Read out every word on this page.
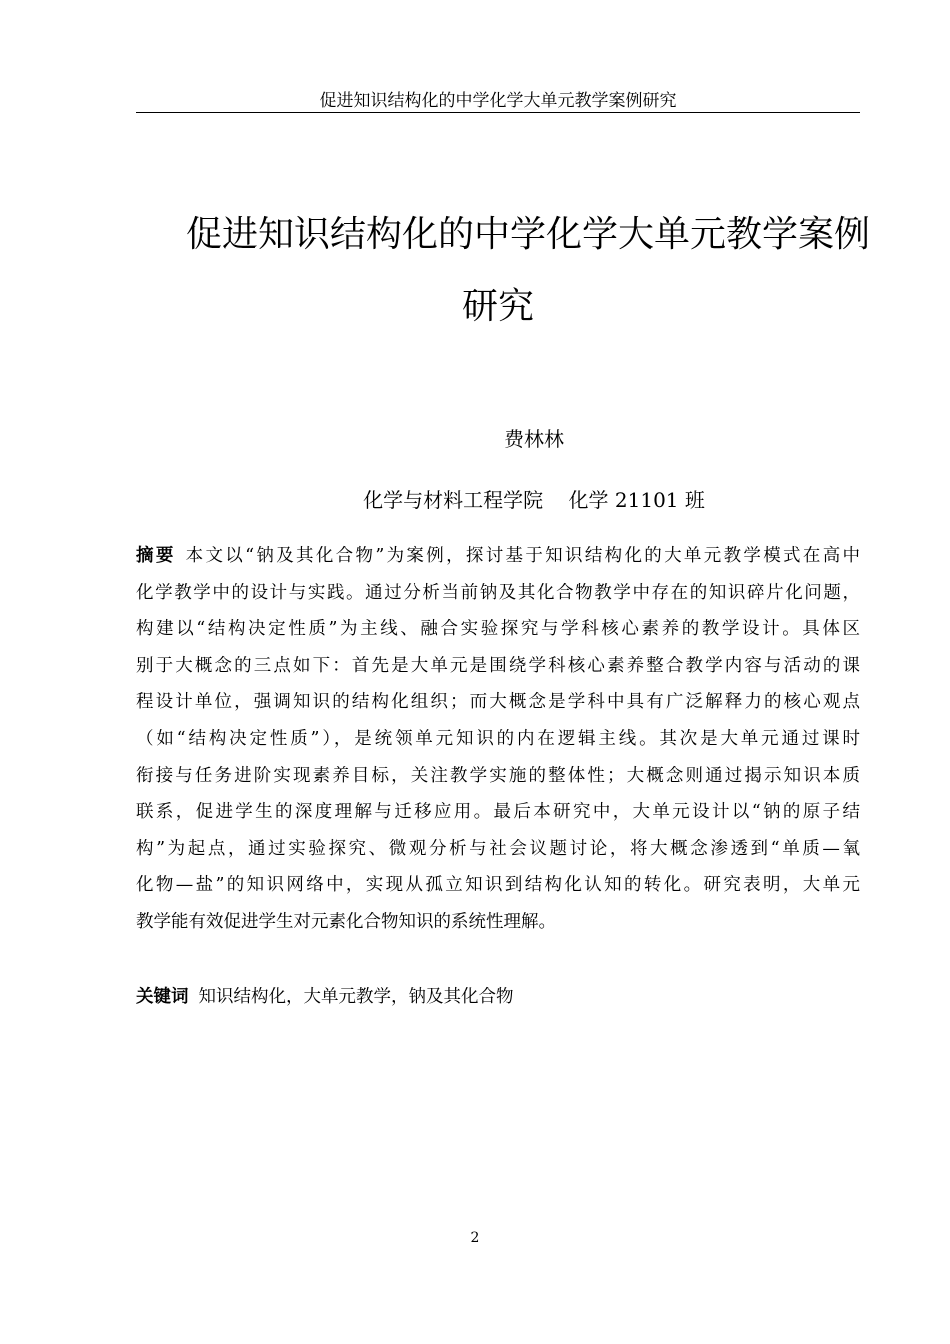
促进知识结构化的中学化学大单元教学案例研究
促进知识结构化的中学化学大单元教学案例
研究
费林林
化学与材料工程学院    化学 21101 班
摘要 本文以“钠及其化合物”为案例，探讨基于知识结构化的大单元教学模式在高中
化学教学中的设计与实践。通过分析当前钠及其化合物教学中存在的知识碎片化问题，
构建以“结构决定性质”为主线、融合实验探究与学科核心素养的教学设计。具体区
别于大概念的三点如下：首先是大单元是围绕学科核心素养整合教学内容与活动的课
程设计单位，强调知识的结构化组织；而大概念是学科中具有广泛解释力的核心观点
（如“结构决定性质”），是统领单元知识的内在逻辑主线。其次是大单元通过课时
衔接与任务进阶实现素养目标，关注教学实施的整体性；大概念则通过揭示知识本质
联系，促进学生的深度理解与迁移应用。最后本研究中，大单元设计以“钠的原子结
构”为起点，通过实验探究、微观分析与社会议题讨论，将大概念渗透到“单质—氧
化物—盐”的知识网络中，实现从孤立知识到结构化认知的转化。研究表明，大单元
教学能有效促进学生对元素化合物知识的系统性理解。
关键词 知识结构化，大单元教学，钠及其化合物
2
